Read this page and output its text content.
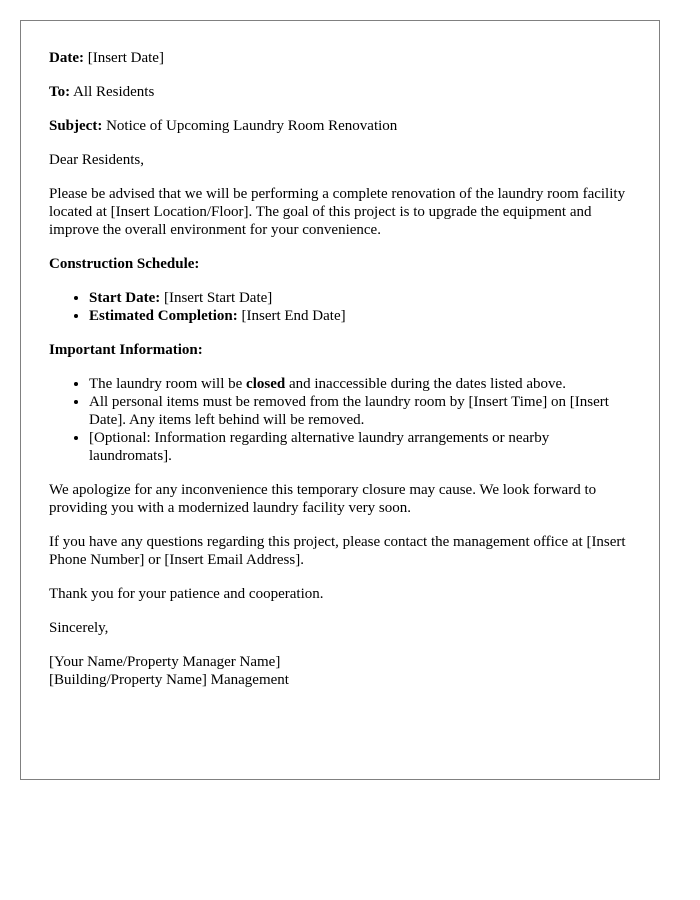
Date: [Insert Date]

To: All Residents

Subject: Notice of Upcoming Laundry Room Renovation

Dear Residents,

Please be advised that we will be performing a complete renovation of the laundry room facility located at [Insert Location/Floor]. The goal of this project is to upgrade the equipment and improve the overall environment for your convenience.

Construction Schedule:

• Start Date: [Insert Start Date]
• Estimated Completion: [Insert End Date]

Important Information:

• The laundry room will be closed and inaccessible during the dates listed above.
• All personal items must be removed from the laundry room by [Insert Time] on [Insert Date]. Any items left behind will be removed.
• [Optional: Information regarding alternative laundry arrangements or nearby laundromats].

We apologize for any inconvenience this temporary closure may cause. We look forward to providing you with a modernized laundry facility very soon.

If you have any questions regarding this project, please contact the management office at [Insert Phone Number] or [Insert Email Address].

Thank you for your patience and cooperation.

Sincerely,

[Your Name/Property Manager Name]

[Building/Property Name] Management
